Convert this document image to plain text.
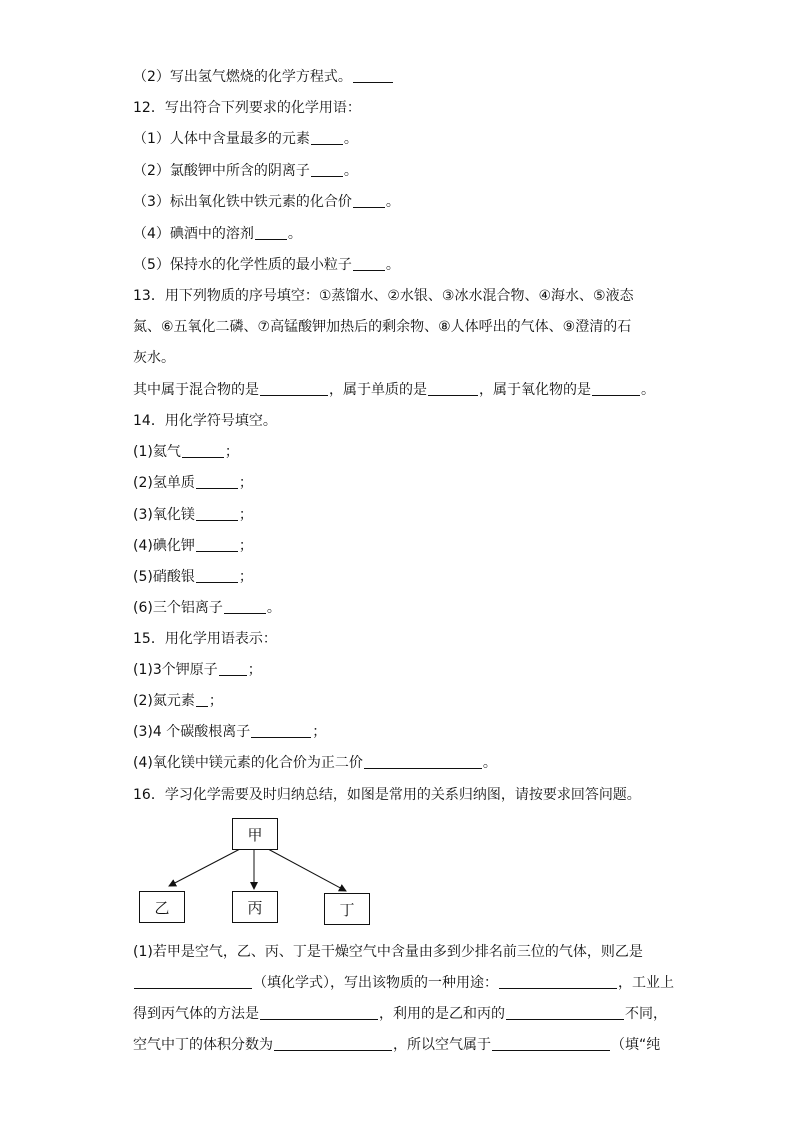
（2）写出氢气燃烧的化学方程式。
12．写出符合下列要求的化学用语：
（1）人体中含量最多的元素 。
（2）氯酸钾中所含的阴离子 。
（3）标出氧化铁中铁元素的化合价 。
（4）碘酒中的溶剂 。
（5）保持水的化学性质的最小粒子 。
13．用下列物质的序号填空：①蒸馏水、②水银、③冰水混合物、④海水、⑤液态
氮、⑥五氧化二磷、⑦高锰酸钾加热后的剩余物、⑧人体呼出的气体、⑨澄清的石
灰水。
其中属于混合物的是	，属于单质的是	，属于氧化物的是	。
14．用化学符号填空。
(1)氦气	；
(2)氢单质	；
(3)氧化镁	；
(4)碘化钾	；
(5)硝酸银	；
(6)三个铝离子	。
15．用化学用语表示：
(1)3个钾原子 ；
(2)氮元素 ；
(3)4 个碳酸根离子	；
(4)氧化镁中镁元素的化合价为正二价	。
16．学习化学需要及时归纳总结，如图是常用的关系归纳图，请按要求回答问题。
(1)若甲是空气，乙、丙、丁是干燥空气中含量由多到少排名前三位的气体，则乙是
（填化学式），写出该物质的一种用途：	，工业上
得到丙气体的方法是	，利用的是乙和丙的	不同，
空气中丁的体积分数为	，所以空气属于	（填“纯
甲
乙	丙	丁
